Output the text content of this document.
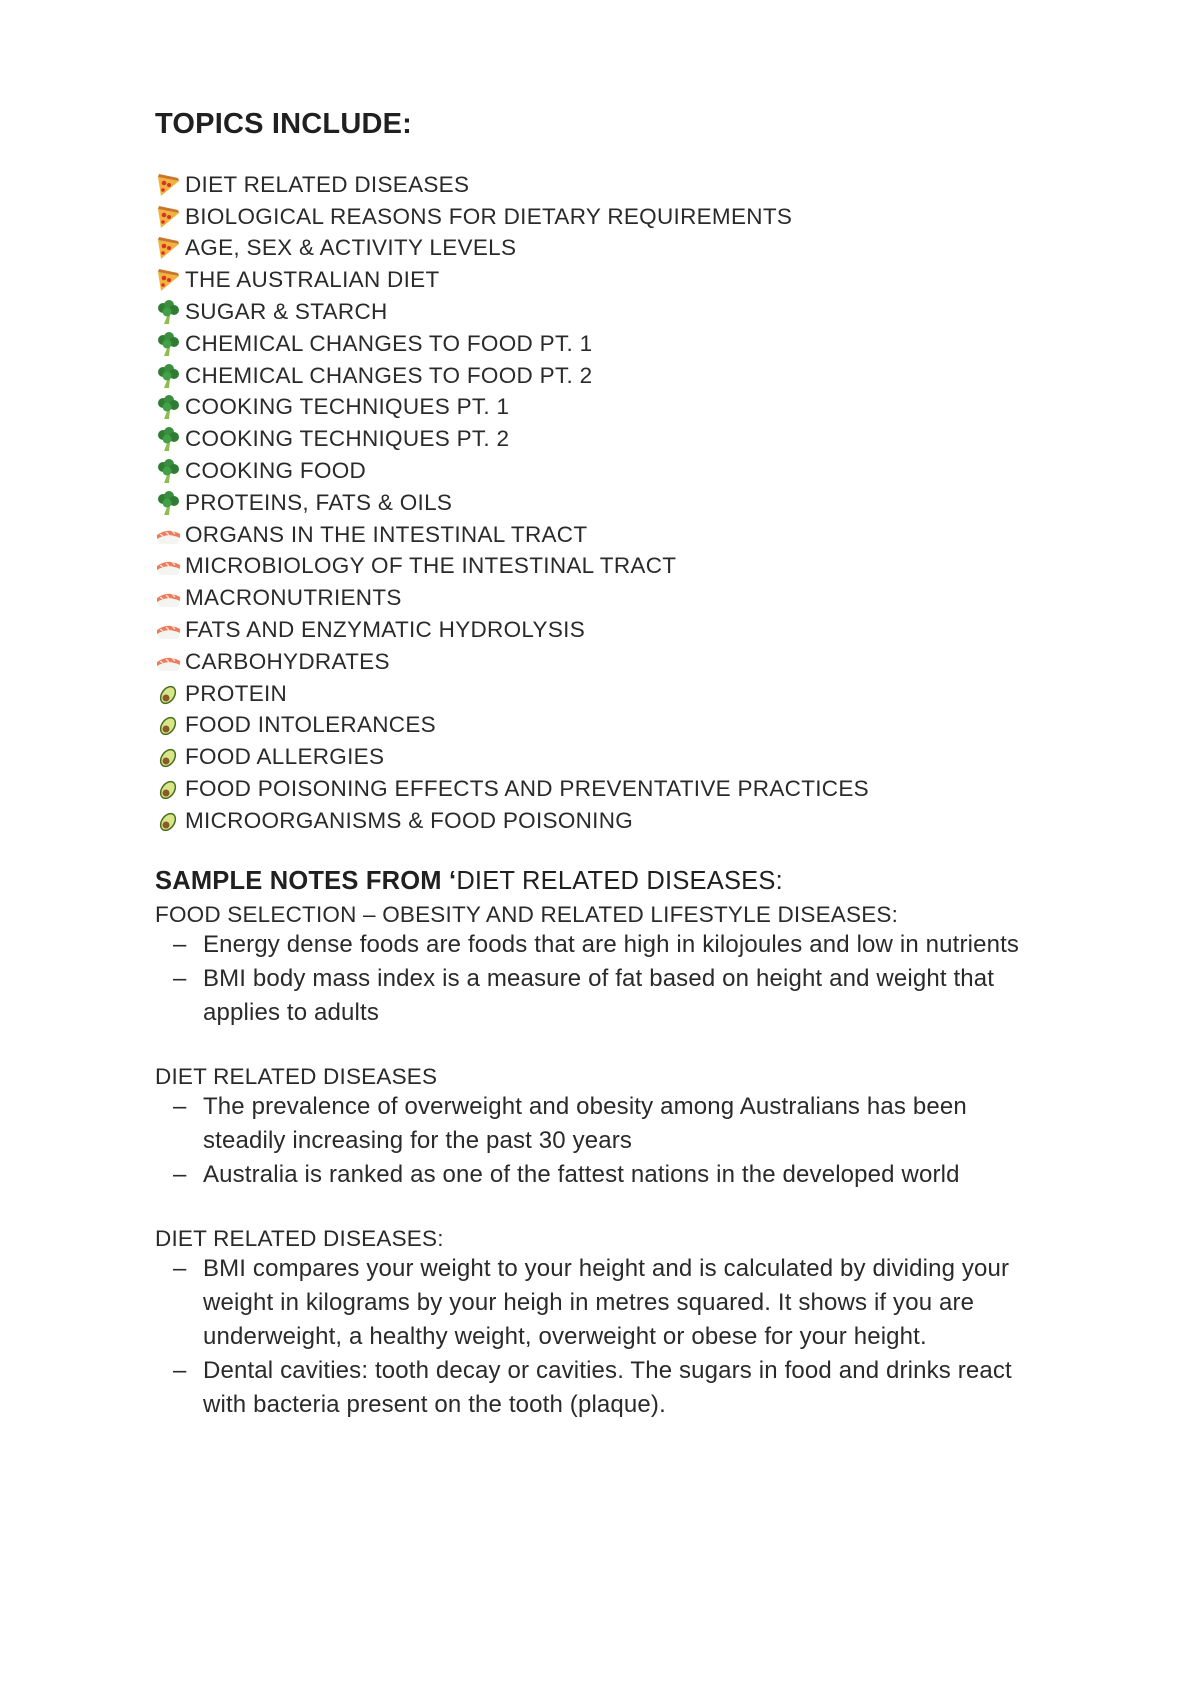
TOPICS INCLUDE:
DIET RELATED DISEASES
BIOLOGICAL REASONS FOR DIETARY REQUIREMENTS
AGE, SEX & ACTIVITY LEVELS
THE AUSTRALIAN DIET
SUGAR & STARCH
CHEMICAL CHANGES TO FOOD PT. 1
CHEMICAL CHANGES TO FOOD PT. 2
COOKING TECHNIQUES PT. 1
COOKING TECHNIQUES PT. 2
COOKING FOOD
PROTEINS, FATS & OILS
ORGANS IN THE INTESTINAL TRACT
MICROBIOLOGY OF THE INTESTINAL TRACT
MACRONUTRIENTS
FATS AND ENZYMATIC HYDROLYSIS
CARBOHYDRATES
PROTEIN
FOOD INTOLERANCES
FOOD ALLERGIES
FOOD POISONING EFFECTS AND PREVENTATIVE PRACTICES
MICROORGANISMS & FOOD POISONING
SAMPLE NOTES FROM ‘DIET RELATED DISEASES:
FOOD SELECTION – OBESITY AND RELATED LIFESTYLE DISEASES:
– Energy dense foods are foods that are high in kilojoules and low in nutrients
– BMI body mass index is a measure of fat based on height and weight that applies to adults
DIET RELATED DISEASES
– The prevalence of overweight and obesity among Australians has been steadily increasing for the past 30 years
– Australia is ranked as one of the fattest nations in the developed world
DIET RELATED DISEASES:
– BMI compares your weight to your height and is calculated by dividing your weight in kilograms by your heigh in metres squared. It shows if you are underweight, a healthy weight, overweight or obese for your height.
– Dental cavities: tooth decay or cavities. The sugars in food and drinks react with bacteria present on the tooth (plaque).
